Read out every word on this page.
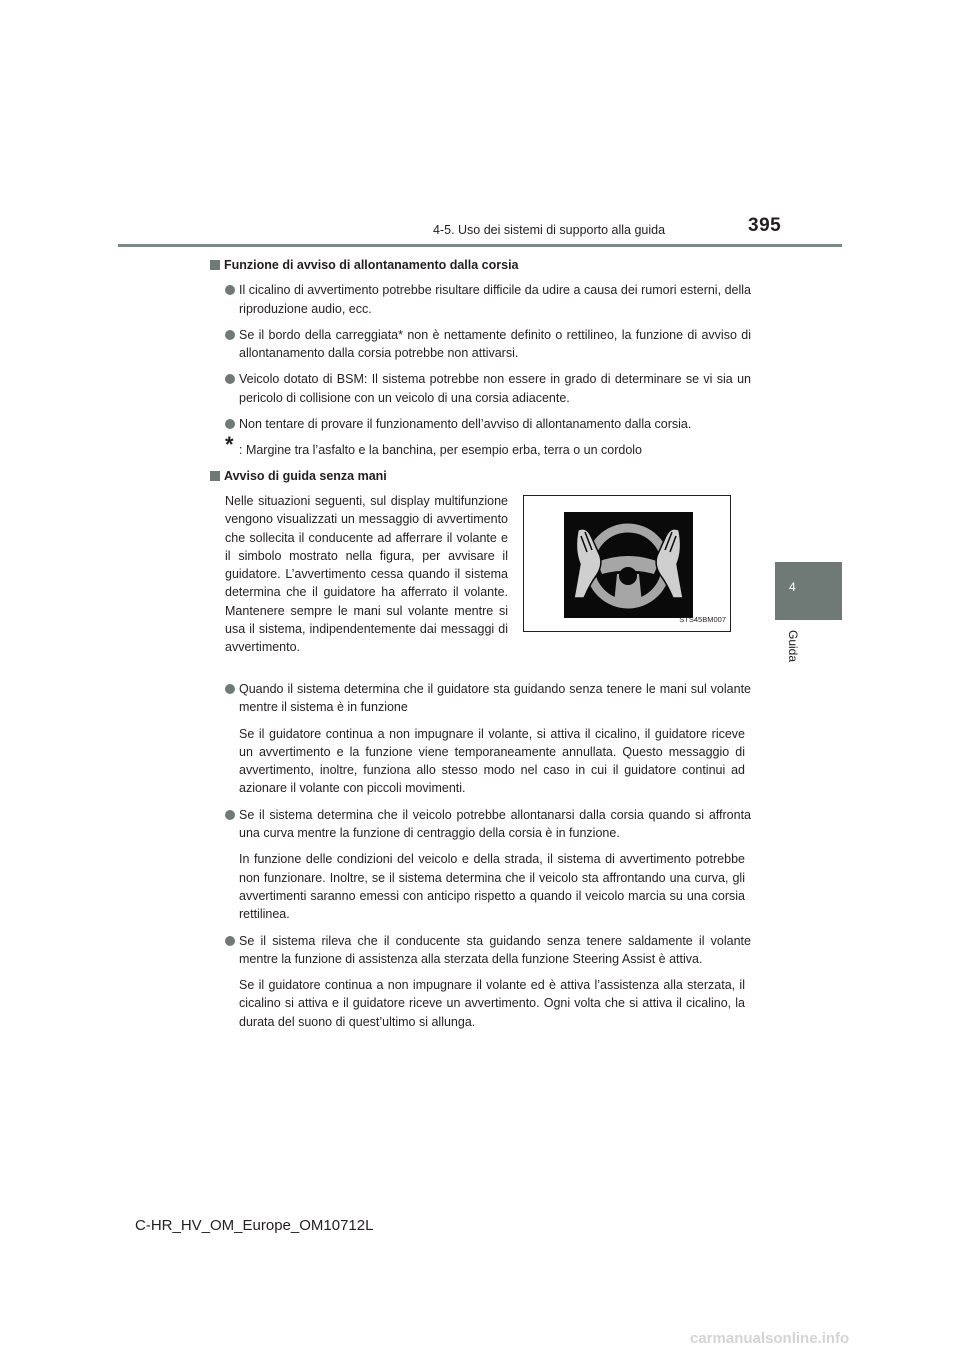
4-5. Uso dei sistemi di supporto alla guida	395
4
Guida
Funzione di avviso di allontanamento dalla corsia
Il cicalino di avvertimento potrebbe risultare difficile da udire a causa dei rumori esterni, della riproduzione audio, ecc.
Se il bordo della carreggiata* non è nettamente definito o rettilineo, la funzione di avviso di allontanamento dalla corsia potrebbe non attivarsi.
Veicolo dotato di BSM: Il sistema potrebbe non essere in grado di determinare se vi sia un pericolo di collisione con un veicolo di una corsia adiacente.
Non tentare di provare il funzionamento dell’avviso di allontanamento dalla corsia.
* : Margine tra l’asfalto e la banchina, per esempio erba, terra o un cordolo
Avviso di guida senza mani
Nelle situazioni seguenti, sul display multifunzione vengono visualizzati un messaggio di avvertimento che sollecita il conducente ad afferrare il volante e il simbolo mostrato nella figura, per avvisare il guidatore. L’avvertimento cessa quando il sistema determina che il guidatore ha afferrato il volante. Mantenere sempre le mani sul volante mentre si usa il sistema, indipendentemente dai messaggi di avvertimento.
STS45BM007
Quando il sistema determina che il guidatore sta guidando senza tenere le mani sul volante mentre il sistema è in funzione
Se il guidatore continua a non impugnare il volante, si attiva il cicalino, il guidatore riceve un avvertimento e la funzione viene temporaneamente annullata. Questo messaggio di avvertimento, inoltre, funziona allo stesso modo nel caso in cui il guidatore continui ad azionare il volante con piccoli movimenti.
Se il sistema determina che il veicolo potrebbe allontanarsi dalla corsia quando si affronta una curva mentre la funzione di centraggio della corsia è in funzione.
In funzione delle condizioni del veicolo e della strada, il sistema di avvertimento potrebbe non funzionare. Inoltre, se il sistema determina che il veicolo sta affrontando una curva, gli avvertimenti saranno emessi con anticipo rispetto a quando il veicolo marcia su una corsia rettilinea.
Se il sistema rileva che il conducente sta guidando senza tenere saldamente il volante mentre la funzione di assistenza alla sterzata della funzione Steering Assist è attiva.
Se il guidatore continua a non impugnare il volante ed è attiva l’assistenza alla sterzata, il cicalino si attiva e il guidatore riceve un avvertimento. Ogni volta che si attiva il cicalino, la durata del suono di quest’ultimo si allunga.
C-HR_HV_OM_Europe_OM10712L
carmanualsonline.info
